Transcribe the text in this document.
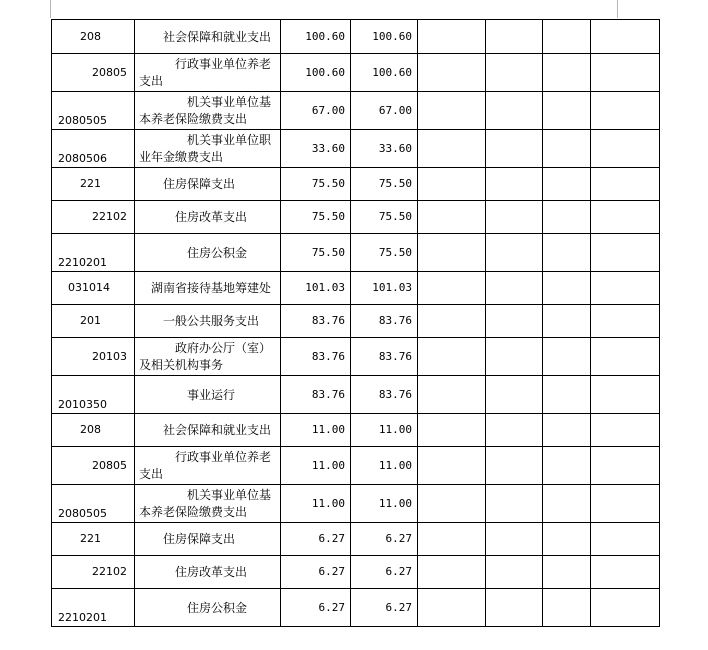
208	社会保障和就业支出	100.60	100.60				

20805	行政事业单位养老支出	100.60	100.60				

2080505	机关事业单位基本养老保险缴费支出	67.00	67.00				

2080506	机关事业单位职业年金缴费支出	33.60	33.60				

221	住房保障支出	75.50	75.50				

22102	住房改革支出	75.50	75.50				

2210201	住房公积金	75.50	75.50				

031014	湖南省接待基地筹建处	101.03	101.03				

201	一般公共服务支出	83.76	83.76				

20103	政府办公厅（室）及相关机构事务	83.76	83.76				

2010350	事业运行	83.76	83.76				

208	社会保障和就业支出	11.00	11.00				

20805	行政事业单位养老支出	11.00	11.00				

2080505	机关事业单位基本养老保险缴费支出	11.00	11.00				

221	住房保障支出	6.27	6.27				

22102	住房改革支出	6.27	6.27				

2210201	住房公积金	6.27	6.27				
